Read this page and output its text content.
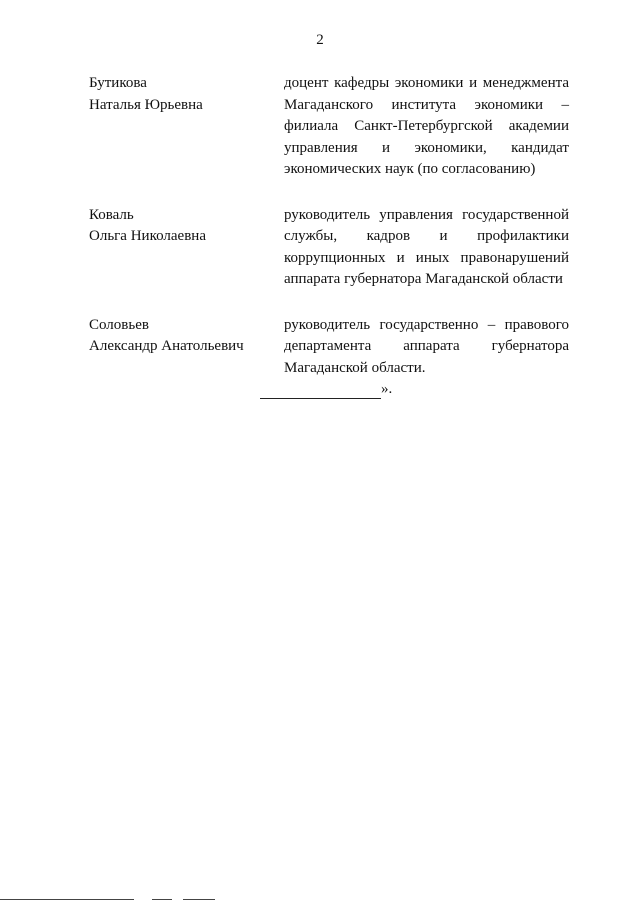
2
Бутикова
Наталья Юрьевна
доцент кафедры экономики и менеджмента
Магаданского института экономики –
филиала Санкт-Петербургской академии
управления и экономики, кандидат
экономических наук (по согласованию)
Коваль
Ольга Николаевна
руководитель управления государственной
службы, кадров и профилактики
коррупционных и иных правонарушений
аппарата губернатора Магаданской области
Соловьев
Александр Анатольевич
руководитель государственно – правового
департамента аппарата губернатора
Магаданской области.
».
